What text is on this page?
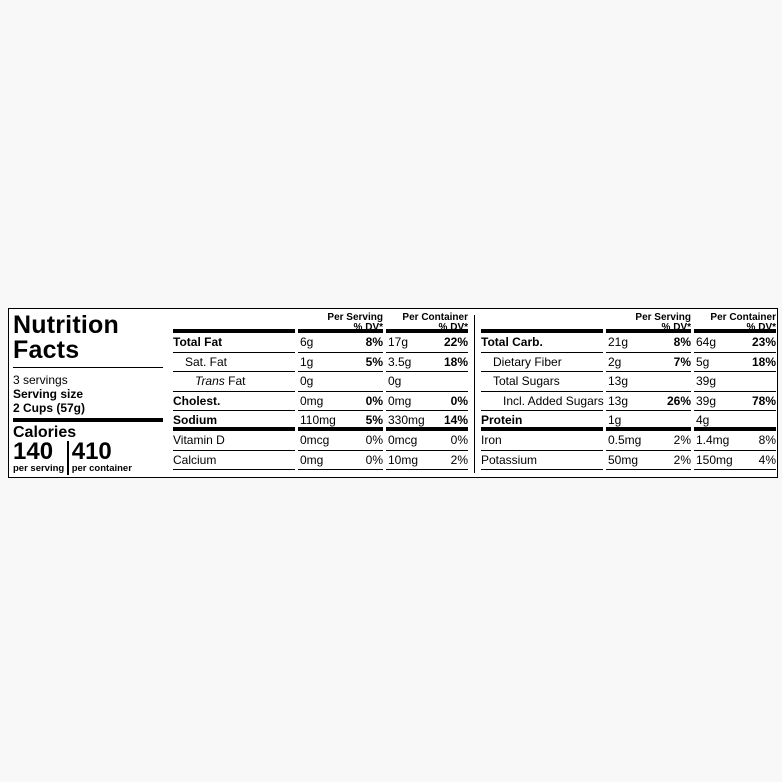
Nutrition
Facts
3 servings
Serving size
2 Cups (57g)
Calories
140
per serving
410
per container
Per Serving
% DV*
Per Container
% DV*
Total Fat	6g	8% 17g	22%
Sat. Fat	1g	5% 3.5g	18%
Trans Fat	0g	0g
Cholest.	0mg	0% 0mg	0%
Sodium	110mg 5% 330mg 14%
Vitamin D	0mcg	0% 0mcg	0%
Calcium	0mg	0% 10mg	2%
Per Serving
% DV*
Per Container
% DV*
Total Carb.	21g	8% 64g	23%
Dietary Fiber	2g	7% 5g	18%
Total Sugars	13g	39g
Incl. Added Sugars 13g	26% 39g	78%
Protein	1g	4g
Iron	0.5mg	2% 1.4mg 8%
Potassium	50mg	2% 150mg 4%
